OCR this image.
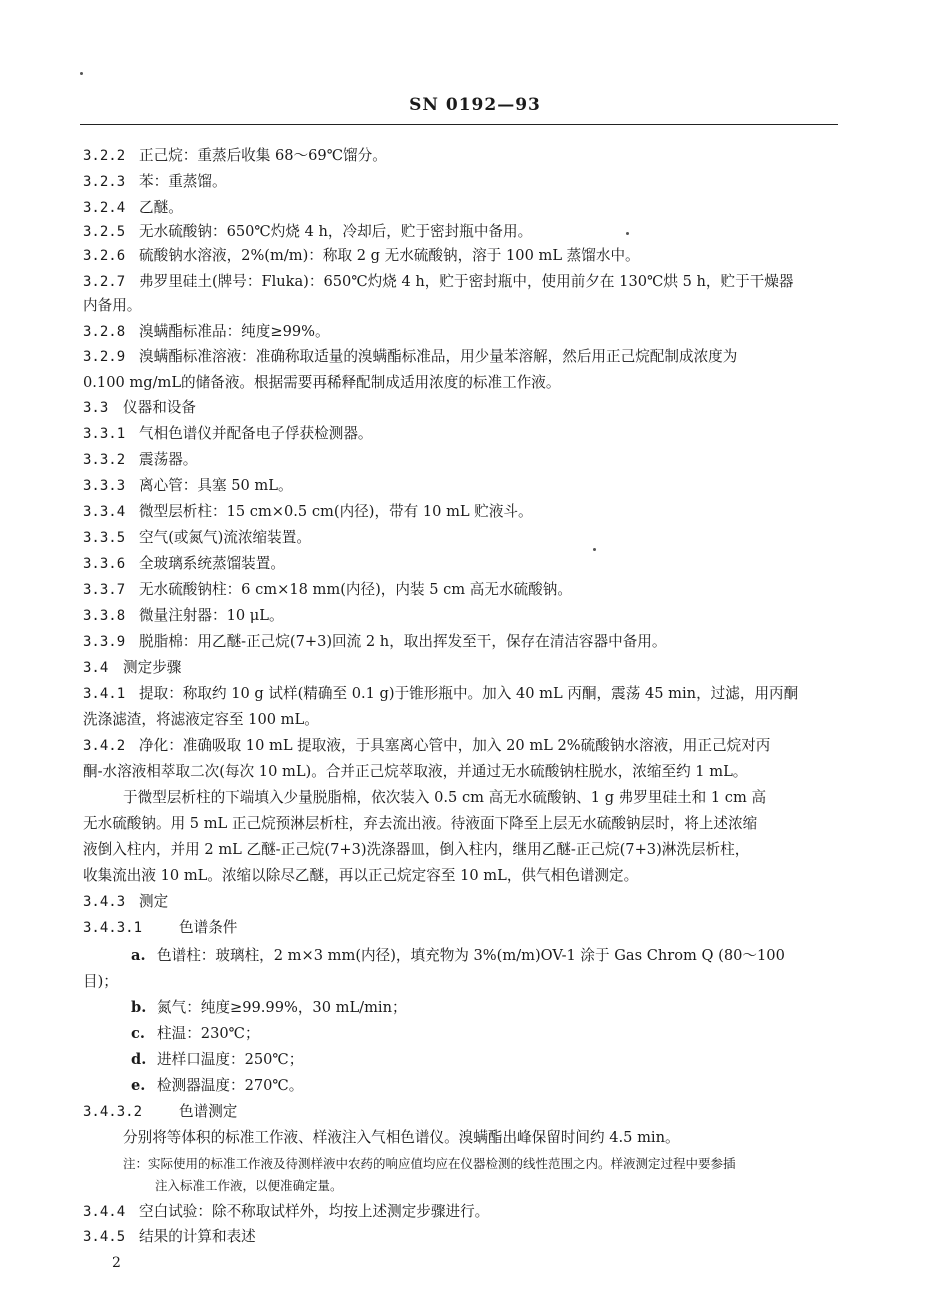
SN 0192—93
3.2.2 正己烷：重蒸后收集 68～69℃馏分。
3.2.3 苯：重蒸馏。
3.2.4 乙醚。
3.2.5 无水硫酸钠：650℃灼烧 4 h，冷却后，贮于密封瓶中备用。
3.2.6 硫酸钠水溶液，2%(m/m)：称取 2 g 无水硫酸钠，溶于 100 mL 蒸馏水中。
3.2.7 弗罗里硅土(牌号：Fluka)：650℃灼烧 4 h，贮于密封瓶中，使用前夕在 130℃烘 5 h，贮于干燥器
内备用。
3.2.8 溴螨酯标准品：纯度≥99%。
3.2.9 溴螨酯标准溶液：准确称取适量的溴螨酯标准品，用少量苯溶解，然后用正己烷配制成浓度为
0.100 mg/mL的储备液。根据需要再稀释配制成适用浓度的标准工作液。
3.3 仪器和设备
3.3.1 气相色谱仪并配备电子俘获检测器。
3.3.2 震荡器。
3.3.3 离心管：具塞 50 mL。
3.3.4 微型层析柱：15 cm×0.5 cm(内径)，带有 10 mL 贮液斗。
3.3.5 空气(或氮气)流浓缩装置。
3.3.6 全玻璃系统蒸馏装置。
3.3.7 无水硫酸钠柱：6 cm×18 mm(内径)，内装 5 cm 高无水硫酸钠。
3.3.8 微量注射器：10 μL。
3.3.9 脱脂棉：用乙醚-正己烷(7+3)回流 2 h，取出挥发至干，保存在清洁容器中备用。
3.4 测定步骤
3.4.1 提取：称取约 10 g 试样(精确至 0.1 g)于锥形瓶中。加入 40 mL 丙酮，震荡 45 min，过滤，用丙酮
洗涤滤渣，将滤液定容至 100 mL。
3.4.2 净化：准确吸取 10 mL 提取液，于具塞离心管中，加入 20 mL 2%硫酸钠水溶液，用正己烷对丙
酮-水溶液相萃取二次(每次 10 mL)。合并正己烷萃取液，并通过无水硫酸钠柱脱水，浓缩至约 1 mL。
于微型层析柱的下端填入少量脱脂棉，依次装入 0.5 cm 高无水硫酸钠、1 g 弗罗里硅土和 1 cm 高
无水硫酸钠。用 5 mL 正己烷预淋层析柱，弃去流出液。待液面下降至上层无水硫酸钠层时，将上述浓缩
液倒入柱内，并用 2 mL 乙醚-正己烷(7+3)洗涤器皿，倒入柱内，继用乙醚-正己烷(7+3)淋洗层析柱，
收集流出液 10 mL。浓缩以除尽乙醚，再以正己烷定容至 10 mL，供气相色谱测定。
3.4.3 测定
3.4.3.1	色谱条件
a. 色谱柱：玻璃柱，2 m×3 mm(内径)，填充物为 3%(m/m)OV-1 涂于 Gas Chrom Q (80～100
目)；
b. 氮气：纯度≥99.99%，30 mL/min；
c. 柱温：230℃；
d. 进样口温度：250℃；
e. 检测器温度：270℃。
3.4.3.2	色谱测定
分别将等体积的标准工作液、样液注入气相色谱仪。溴螨酯出峰保留时间约 4.5 min。
注：实际使用的标准工作液及待测样液中农药的响应值均应在仪器检测的线性范围之内。样液测定过程中要参插
注入标准工作液，以便准确定量。
3.4.4 空白试验：除不称取试样外，均按上述测定步骤进行。
3.4.5 结果的计算和表述
2
